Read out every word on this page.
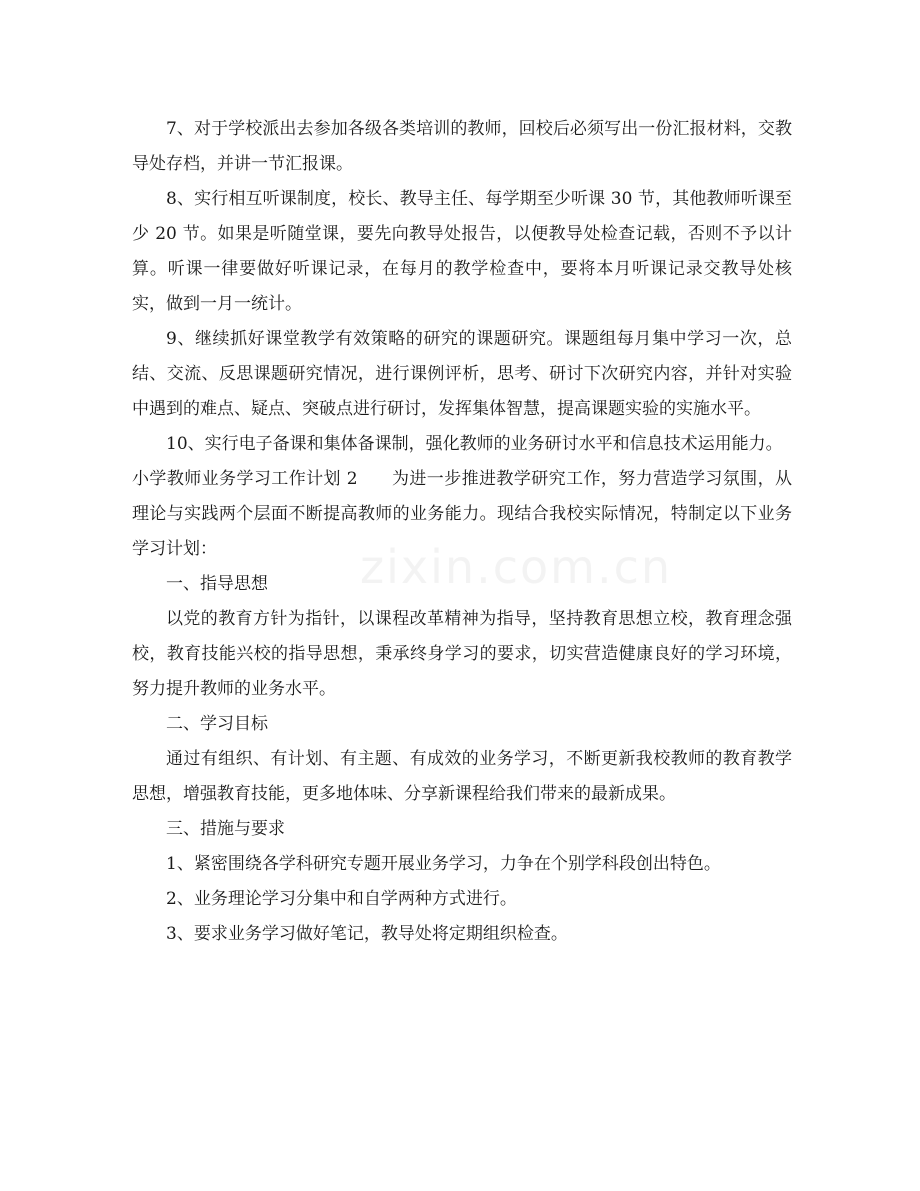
7、对于学校派出去参加各级各类培训的教师，回校后必须写出一份汇报材料，交教导处存档，并讲一节汇报课。

8、实行相互听课制度，校长、教导主任、每学期至少听课 30 节，其他教师听课至少 20 节。如果是听随堂课，要先向教导处报告，以便教导处检查记载，否则不予以计算。听课一律要做好听课记录，在每月的教学检查中，要将本月听课记录交教导处核实，做到一月一统计。

9、继续抓好课堂教学有效策略的研究的课题研究。课题组每月集中学习一次，总结、交流、反思课题研究情况，进行课例评析，思考、研讨下次研究内容，并针对实验中遇到的难点、疑点、突破点进行研讨，发挥集体智慧，提高课题实验的实施水平。

10、实行电子备课和集体备课制，强化教师的业务研讨水平和信息技术运用能力。

小学教师业务学习工作计划 2 为进一步推进教学研究工作，努力营造学习氛围，从理论与实践两个层面不断提高教师的业务能力。现结合我校实际情况，特制定以下业务学习计划：

一、指导思想

以党的教育方针为指针，以课程改革精神为指导，坚持教育思想立校，教育理念强校，教育技能兴校的指导思想，秉承终身学习的要求，切实营造健康良好的学习环境，努力提升教师的业务水平。

二、学习目标

通过有组织、有计划、有主题、有成效的业务学习，不断更新我校教师的教育教学思想，增强教育技能，更多地体味、分享新课程给我们带来的最新成果。

三、措施与要求

1、紧密围绕各学科研究专题开展业务学习，力争在个别学科段创出特色。

2、业务理论学习分集中和自学两种方式进行。

3、要求业务学习做好笔记，教导处将定期组织检查。

zixin.com.cn
